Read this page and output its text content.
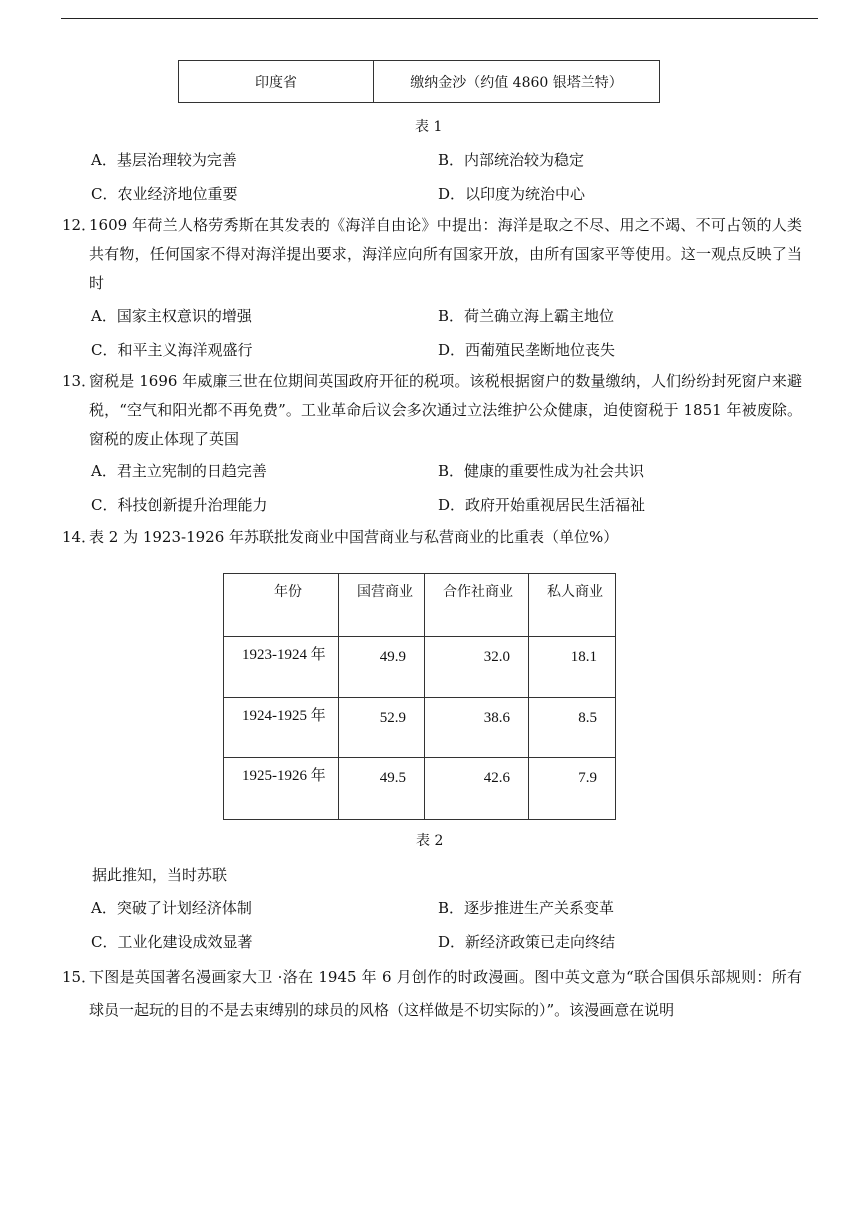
印度省	缴纳金沙（约值 4860 银塔兰特）
表 1
A．基层治理较为完善	B．内部统治较为稳定
C．农业经济地位重要	D．以印度为统治中心
12．
1609 年荷兰人格劳秀斯在其发表的《海洋自由论》中提出：海洋是取之不尽、用之不竭、不可占领的人类共有物，任何国家不得对海洋提出要求，海洋应向所有国家开放，由所有国家平等使用。这一观点反映了当时
A．国家主权意识的增强	B．荷兰确立海上霸主地位
C．和平主义海洋观盛行	D．西葡殖民垄断地位丧失
13．
窗税是 1696 年威廉三世在位期间英国政府开征的税项。该税根据窗户的数量缴纳，人们纷纷封死窗户来避税，“空气和阳光都不再免费”。工业革命后议会多次通过立法维护公众健康，迫使窗税于 1851 年被废除。窗税的废止体现了英国
A．君主立宪制的日趋完善	B．健康的重要性成为社会共识
C．科技创新提升治理能力	D．政府开始重视居民生活福祉
14．
表 2 为 1923-1926 年苏联批发商业中国营商业与私营商业的比重表（单位%）
年份	国营商业	合作社商业	私人商业
1923-1924 年	49.9	32.0	18.1
1924-1925 年	52.9	38.6	8.5
1925-1926 年	49.5	42.6	7.9
表 2
据此推知，当时苏联
A．突破了计划经济体制	B．逐步推进生产关系变革
C．工业化建设成效显著	D．新经济政策已走向终结
15．
下图是英国著名漫画家大卫 ·洛在 1945 年 6 月创作的时政漫画。图中英文意为“联合国俱乐部规则：所有球员一起玩的目的不是去束缚别的球员的风格（这样做是不切实际的）”。该漫画意在说明
